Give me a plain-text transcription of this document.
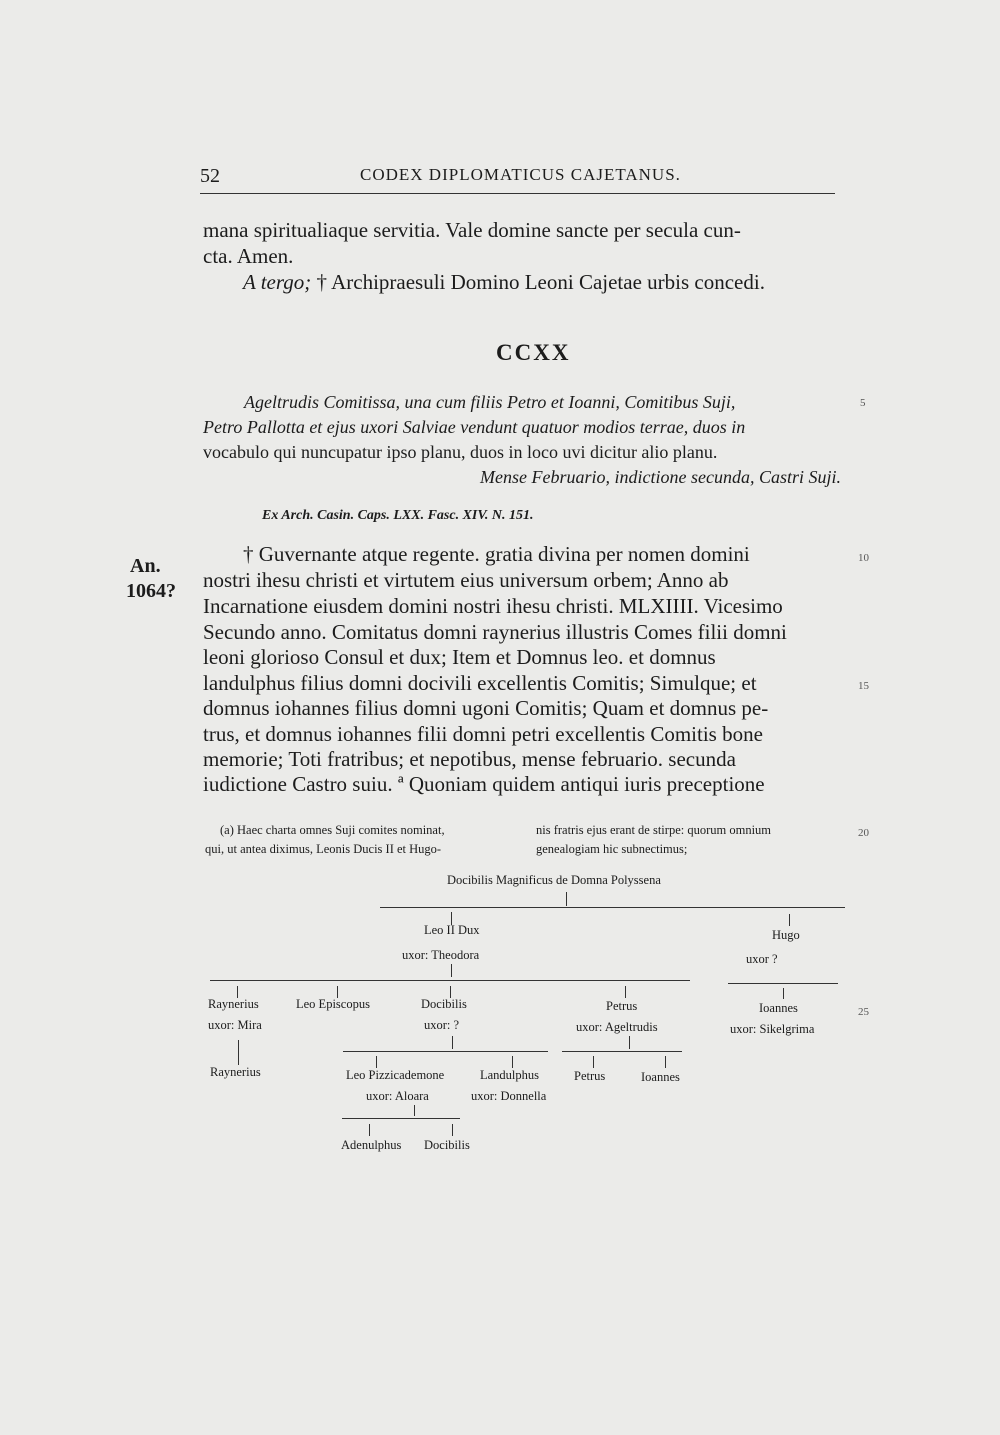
52	CODEX DIPLOMATICUS CAJETANUS.
mana spiritualiaque servitia. Vale domine sancte per secula cun-
cta. Amen.
A tergo; † Archipraesuli Domino Leoni Cajetae urbis concedi.
CCXX
Ageltrudis Comitissa, una cum filiis Petro et Ioanni, Comitibus Suji,
Petro Pallotta et ejus uxori Salviae vendunt quatuor modios terrae, duos in
vocabulo qui nuncupatur ipso planu, duos in loco uvi dicitur alio planu.
Mense Februario, indictione secunda, Castri Suji.
Ex Arch. Casin. Caps. LXX. Fasc. XIV. N. 151.
An.
1064?
† Guvernante atque regente. gratia divina per nomen domini
nostri ihesu christi et virtutem eius universum orbem; Anno ab
Incarnatione eiusdem domini nostri ihesu christi. MLXIIII. Vicesimo
Secundo anno. Comitatus domni raynerius illustris Comes filii domni
leoni glorioso Consul et dux; Item et Domnus leo. et domnus
landulphus filius domni docivili excellentis Comitis; Simulque; et
domnus iohannes filius domni ugoni Comitis; Quam et domnus pe-
trus, et domnus iohannes filii domni petri excellentis Comitis bone
memorie; Toti fratribus; et nepotibus, mense februario. secunda
iudictione Castro suiu. ª Quoniam quidem antiqui iuris preceptione
5
10
15
20
25
(a) Haec charta omnes Suji comites nominat,
qui, ut antea diximus, Leonis Ducis II et Hugo-
nis fratris ejus erant de stirpe: quorum omnium
genealogiam hic subnectimus;
Docibilis Magnificus de Domna Polyssena
Leo II Dux
uxor: Theodora
Hugo
uxor ?
Raynerius
uxor: Mira
Raynerius
Leo Episcopus	Docibilis
uxor: ?
Petrus
uxor: Ageltrudis
Ioannes
uxor: Sikelgrima
Leo Pizzicademone
uxor: Aloara
Landulphus
uxor: Donnella
Petrus	Ioannes
Adenulphus Docibilis
